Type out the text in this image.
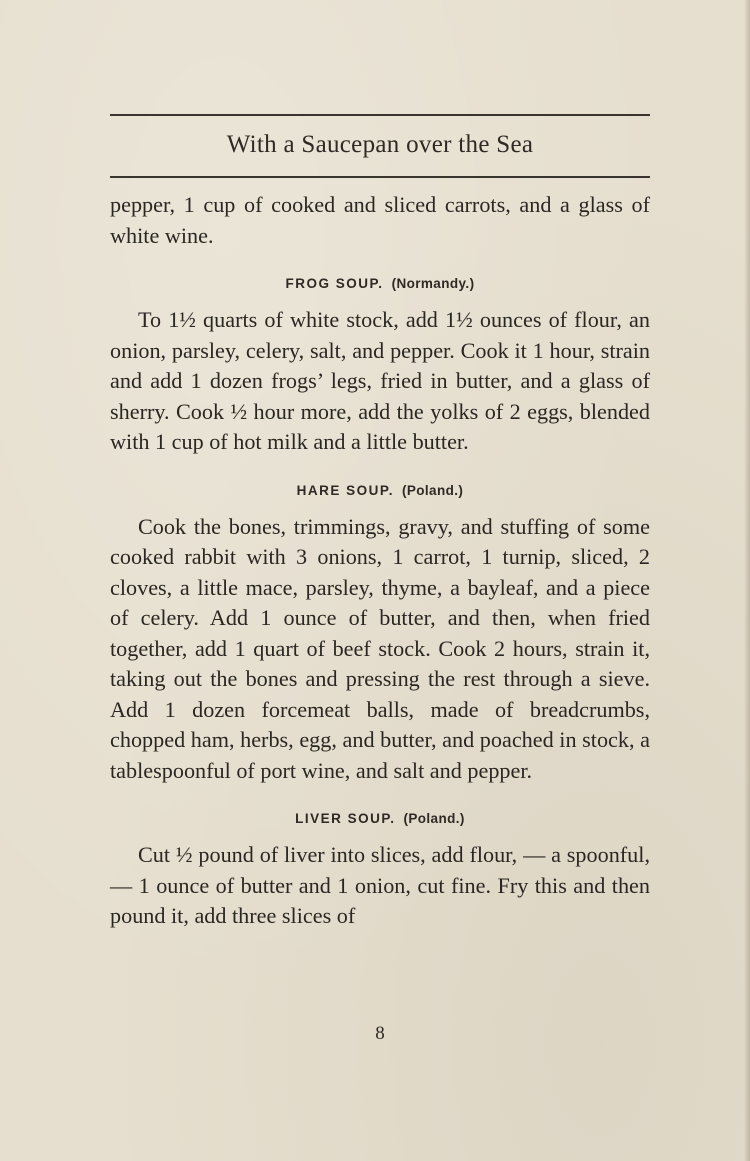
With a Saucepan over the Sea

pepper, 1 cup of cooked and sliced carrots, and a glass of white wine.

FROG SOUP. (Normandy.)

To 1½ quarts of white stock, add 1½ ounces of flour, an onion, parsley, celery, salt, and pepper. Cook it 1 hour, strain and add 1 dozen frogs’ legs, fried in butter, and a glass of sherry. Cook ½ hour more, add the yolks of 2 eggs, blended with 1 cup of hot milk and a little butter.

HARE SOUP. (Poland.)

Cook the bones, trimmings, gravy, and stuffing of some cooked rabbit with 3 onions, 1 carrot, 1 turnip, sliced, 2 cloves, a little mace, parsley, thyme, a bayleaf, and a piece of celery. Add 1 ounce of butter, and then, when fried together, add 1 quart of beef stock. Cook 2 hours, strain it, taking out the bones and pressing the rest through a sieve. Add 1 dozen forcemeat balls, made of breadcrumbs, chopped ham, herbs, egg, and butter, and poached in stock, a tablespoonful of port wine, and salt and pepper.

LIVER SOUP. (Poland.)

Cut ½ pound of liver into slices, add flour, — a spoonful, — 1 ounce of butter and 1 onion, cut fine. Fry this and then pound it, add three slices of

8
